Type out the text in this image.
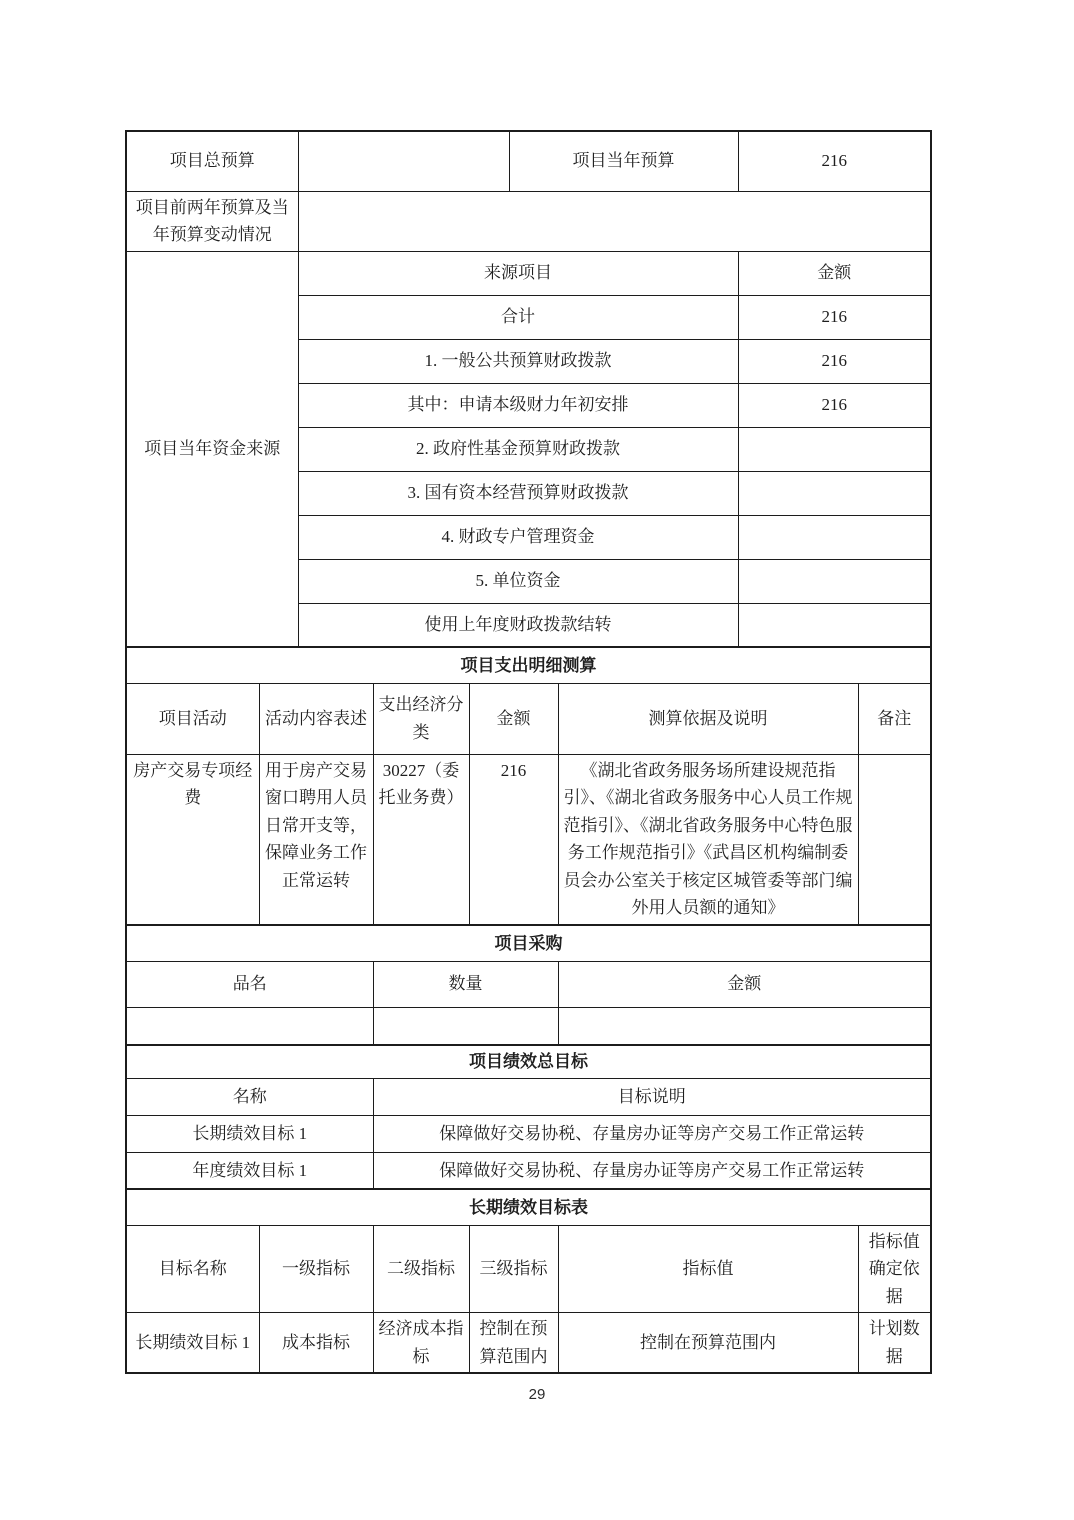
项目总预算					项目当年预算		216	
项目前两年预算及当年预算变动情况								
项目当年资金来源		来源项目					金额	
		合计					216	
		1. 一般公共预算财政拨款					216	
		其中：申请本级财力年初安排					216	
		2. 政府性基金预算财政拨款						
		3. 国有资本经营预算财政拨款						
		4. 财政专户管理资金						
		5. 单位资金						
		使用上年度财政拨款结转						
项目支出明细测算								
项目活动	活动内容表述		支出经济分类	金额		测算依据及说明		备注
房产交易专项经费	用于房产交易窗口聘用人员日常开支等，保障业务工作正常运转		30227（委托业务费）	216		《湖北省政务服务场所建设规范指引》、《湖北省政务服务中心人员工作规范指引》、《湖北省政务服务中心特色服务工作规范指引》《武昌区机构编制委员会办公室关于核定区城管委等部门编外用人员额的通知》		
项目采购								
品名			数量			金额		

项目绩效总目标								
名称			目标说明					
长期绩效目标 1			保障做好交易协税、存量房办证等房产交易工作正常运转					
年度绩效目标 1			保障做好交易协税、存量房办证等房产交易工作正常运转					
长期绩效目标表								
目标名称	一级指标		二级指标	三级指标		指标值		指标值确定依据
长期绩效目标 1	成本指标		经济成本指标	控制在预算范围内		控制在预算范围内		计划数据
29
